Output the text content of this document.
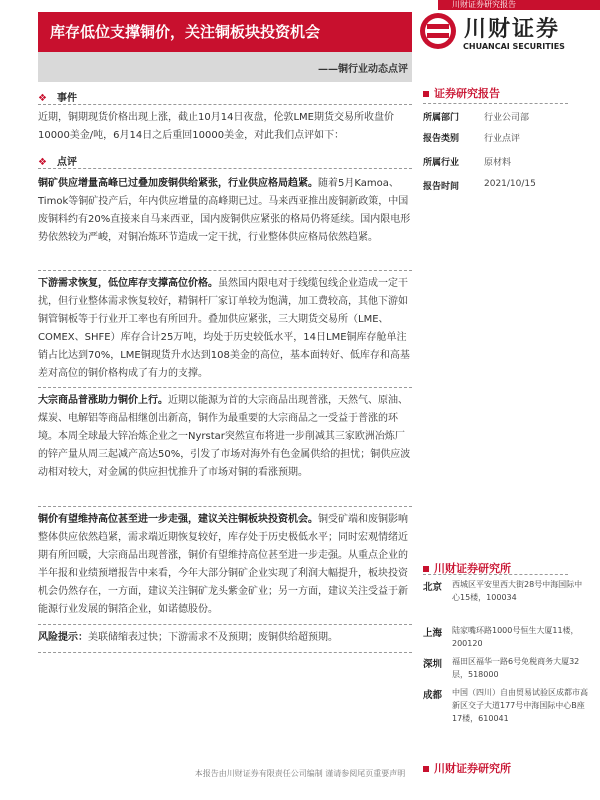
川财证券研究报告
库存低位支撑铜价，关注铜板块投资机会
——铜行业动态点评
川财证券
CHUANCAI SECURITIES
❖ 事件

近期，铜期现货价格出现上涨，截止10月14日夜盘，伦敦LME期货交易所收盘价10000美金/吨，6月14日之后重回10000美金，对此我们点评如下：

❖ 点评

铜矿供应增量高峰已过叠加废铜供给紧张，行业供应格局趋紧。随着5月Kamoa、Timok等铜矿投产后，年内供应增量的高峰期已过。马来西亚推出废铜新政策，中国废铜料约有20%直接来自马来西亚，国内废铜供应紧张的格局仍将延续。国内限电形势依然较为严峻，对铜冶炼环节造成一定干扰，行业整体供应格局依然趋紧。

下游需求恢复，低位库存支撑高位价格。虽然国内限电对于线缆包线企业造成一定干扰，但行业整体需求恢复较好，精铜杆厂家订单较为饱满，加工费较高，其他下游如铜管铜板等于行业开工率也有所回升。叠加供应紧张，三大期货交易所（LME、COMEX、SHFE）库存合计25万吨，均处于历史较低水平，14日LME铜库存舱单注销占比达到70%，LME铜现货升水达到108美金的高位，基本面转好、低库存和高基差对高位的铜价格构成了有力的支撑。

大宗商品普涨助力铜价上行。近期以能源为首的大宗商品出现普涨，天然气、原油、煤炭、电解铝等商品相继创出新高，铜作为最重要的大宗商品之一受益于普涨的环境。本周全球最大锌冶炼企业之一Nyrstar突然宣布将进一步削减其三家欧洲冶炼厂的锌产量从周三起减产高达50%，引发了市场对海外有色金属供给的担忧；铜供应波动相对较大，对金属的供应担忧推升了市场对铜的看涨预期。

铜价有望维持高位甚至进一步走强，建议关注铜板块投资机会。铜受矿端和废铜影响整体供应依然趋紧，需求端近期恢复较好，库存处于历史极低水平；同时宏观情绪近期有所回暖，大宗商品出现普涨，铜价有望维持高位甚至进一步走强。从重点企业的半年报和业绩预增报告中来看，今年大部分铜矿企业实现了利润大幅提升，板块投资机会仍然存在，一方面，建议关注铜矿龙头紫金矿业；另一方面，建议关注受益于新能源行业发展的铜箔企业，如诺德股份。

风险提示：美联储缩表过快；下游需求不及预期；废铜供给超预期。

证券研究报告
所属部门	行业公司部
报告类别	行业点评
所属行业	原材料
报告时间	2021/10/15
川财证券研究所
北京 西城区平安里西大街28号中海国际中心15楼，100034

上海 陆家嘴环路1000号恒生大厦11楼，200120

深圳 福田区福华一路6号免税商务大厦32层，518000

成都 中国（四川）自由贸易试验区成都市高新区交子大道177号中海国际中心B座17楼，610041

川财证券研究所
本报告由川财证券有限责任公司编制 谨请参阅尾页重要声明
